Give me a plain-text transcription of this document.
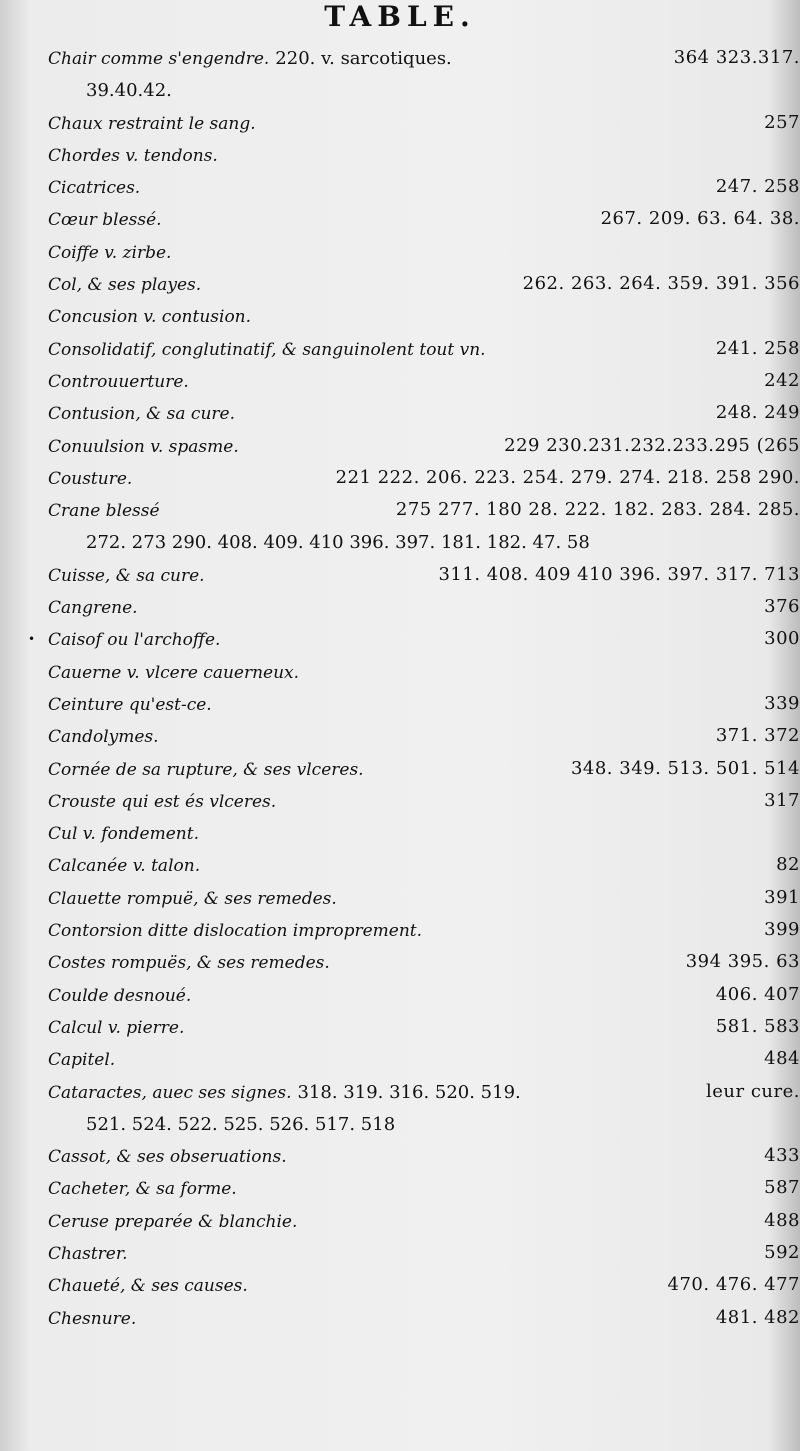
TABLE.
Chair comme s'engendre. 220. v. sarcotiques.	364 323.317.
39.40.42.
Chaux restraint le sang.	257
Chordes v. tendons.
Cicatrices.	247. 258
Cœur blessé.	267. 209. 63. 64. 38.
Coiffe v. zirbe.
Col, & ses playes.	262. 263. 264. 359. 391. 356
Concusion v. contusion.
Consolidatif, conglutinatif, & sanguinolent tout vn.	241. 258
Controuuerture.	242
Contusion, & sa cure.	248. 249
Conuulsion v. spasme.	229 230.231.232.233.295 (265
Cousture.	221 222. 206. 223. 254. 279. 274. 218. 258 290.
Crane blessé	275 277. 180 28. 222. 182. 283. 284. 285.
272. 273 290. 408. 409. 410 396. 397. 181. 182. 47. 58
Cuisse, & sa cure.	311. 408. 409 410 396. 397. 317. 713
Cangrene.	376
• Caisof ou l'archoffe.	300
Cauerne v. vlcere cauerneux.
Ceinture qu'est-ce.	339
Candolymes.	371. 372
Cornée de sa rupture, & ses vlceres.	348. 349. 513. 501. 514
Crouste qui est és vlceres.	317
Cul v. fondement.
Calcanée v. talon.	82
Clauette rompuë, & ses remedes.	391
Contorsion ditte dislocation improprement.	399
Costes rompuës, & ses remedes.	394 395. 63
Coulde desnoué.	406. 407
Calcul v. pierre.	581. 583
Capitel.	484
Cataractes, auec ses signes. 318. 319. 316. 520. 519.	leur cure.
521. 524. 522. 525. 526. 517. 518
Cassot, & ses obseruations.	433
Cacheter, & sa forme.	587
Ceruse preparée & blanchie.	488
Chastrer.	592
Chaueté, & ses causes.	470. 476. 477
Chesnure.	481. 482
